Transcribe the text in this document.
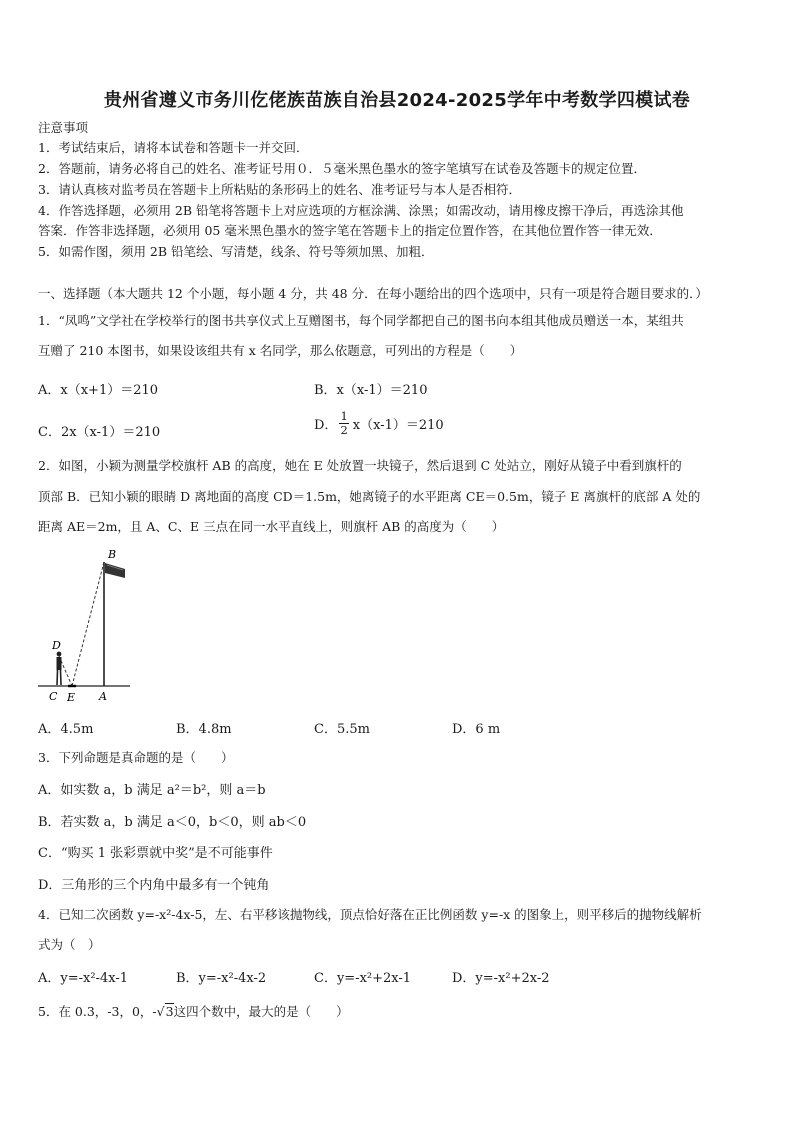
贵州省遵义市务川仡佬族苗族自治县2024-2025学年中考数学四模试卷
注意事项
1．考试结束后，请将本试卷和答题卡一并交回．
2．答题前，请务必将自己的姓名、准考证号用０．５毫米黑色墨水的签字笔填写在试卷及答题卡的规定位置．
3．请认真核对监考员在答题卡上所粘贴的条形码上的姓名、准考证号与本人是否相符．
4．作答选择题，必须用 2B 铅笔将答题卡上对应选项的方框涂满、涂黑；如需改动，请用橡皮擦干净后，再选涂其他
答案．作答非选择题，必须用 05 毫米黑色墨水的签字笔在答题卡上的指定位置作答，在其他位置作答一律无效．
5．如需作图，须用 2B 铅笔绘、写清楚，线条、符号等须加黑、加粗．
一、选择题（本大题共 12 个小题，每小题 4 分，共 48 分．在每小题给出的四个选项中，只有一项是符合题目要求的．）
1．“凤鸣”文学社在学校举行的图书共享仪式上互赠图书，每个同学都把自己的图书向本组其他成员赠送一本，某组共
互赠了 210 本图书，如果设该组共有 x 名同学，那么依题意，可列出的方程是（　　）
A．x（x+1）＝210	B．x（x-1）＝210
C．2x（x-1）＝210	D． $\frac{1}{2} x(x-1)=210$
2．如图，小颖为测量学校旗杆 AB 的高度，她在 E 处放置一块镜子，然后退到 C 处站立，刚好从镜子中看到旗杆的
顶部 B．已知小颖的眼睛 D 离地面的高度 CD＝1.5m，她离镜子的水平距离 CE＝0.5m，镜子 E 离旗杆的底部 A 处的
距离 AE＝2m，且 A、C、E 三点在同一水平直线上，则旗杆 AB 的高度为（　　）
B
D
C E A
A．4.5m	B．4.8m	C．5.5m	D．6 m
3．下列命题是真命题的是（　　）
A．如实数 a，b 满足 a²＝b²，则 a＝b
B．若实数 a，b 满足 a＜0，b＜0，则 ab＜0
C．“购买 1 张彩票就中奖”是不可能事件
D．三角形的三个内角中最多有一个钝角
4．已知二次函数 y=-x²-4x-5，左、右平移该抛物线，顶点恰好落在正比例函数 y=-x 的图象上，则平移后的抛物线解析
式为（　）
A．y=-x²-4x-1	B．y=-x²-4x-2	C．y=-x²+2x-1	D．y=-x²+2x-2
5．在 0.3，-3，0，-√3这四个数中，最大的是（　　）
